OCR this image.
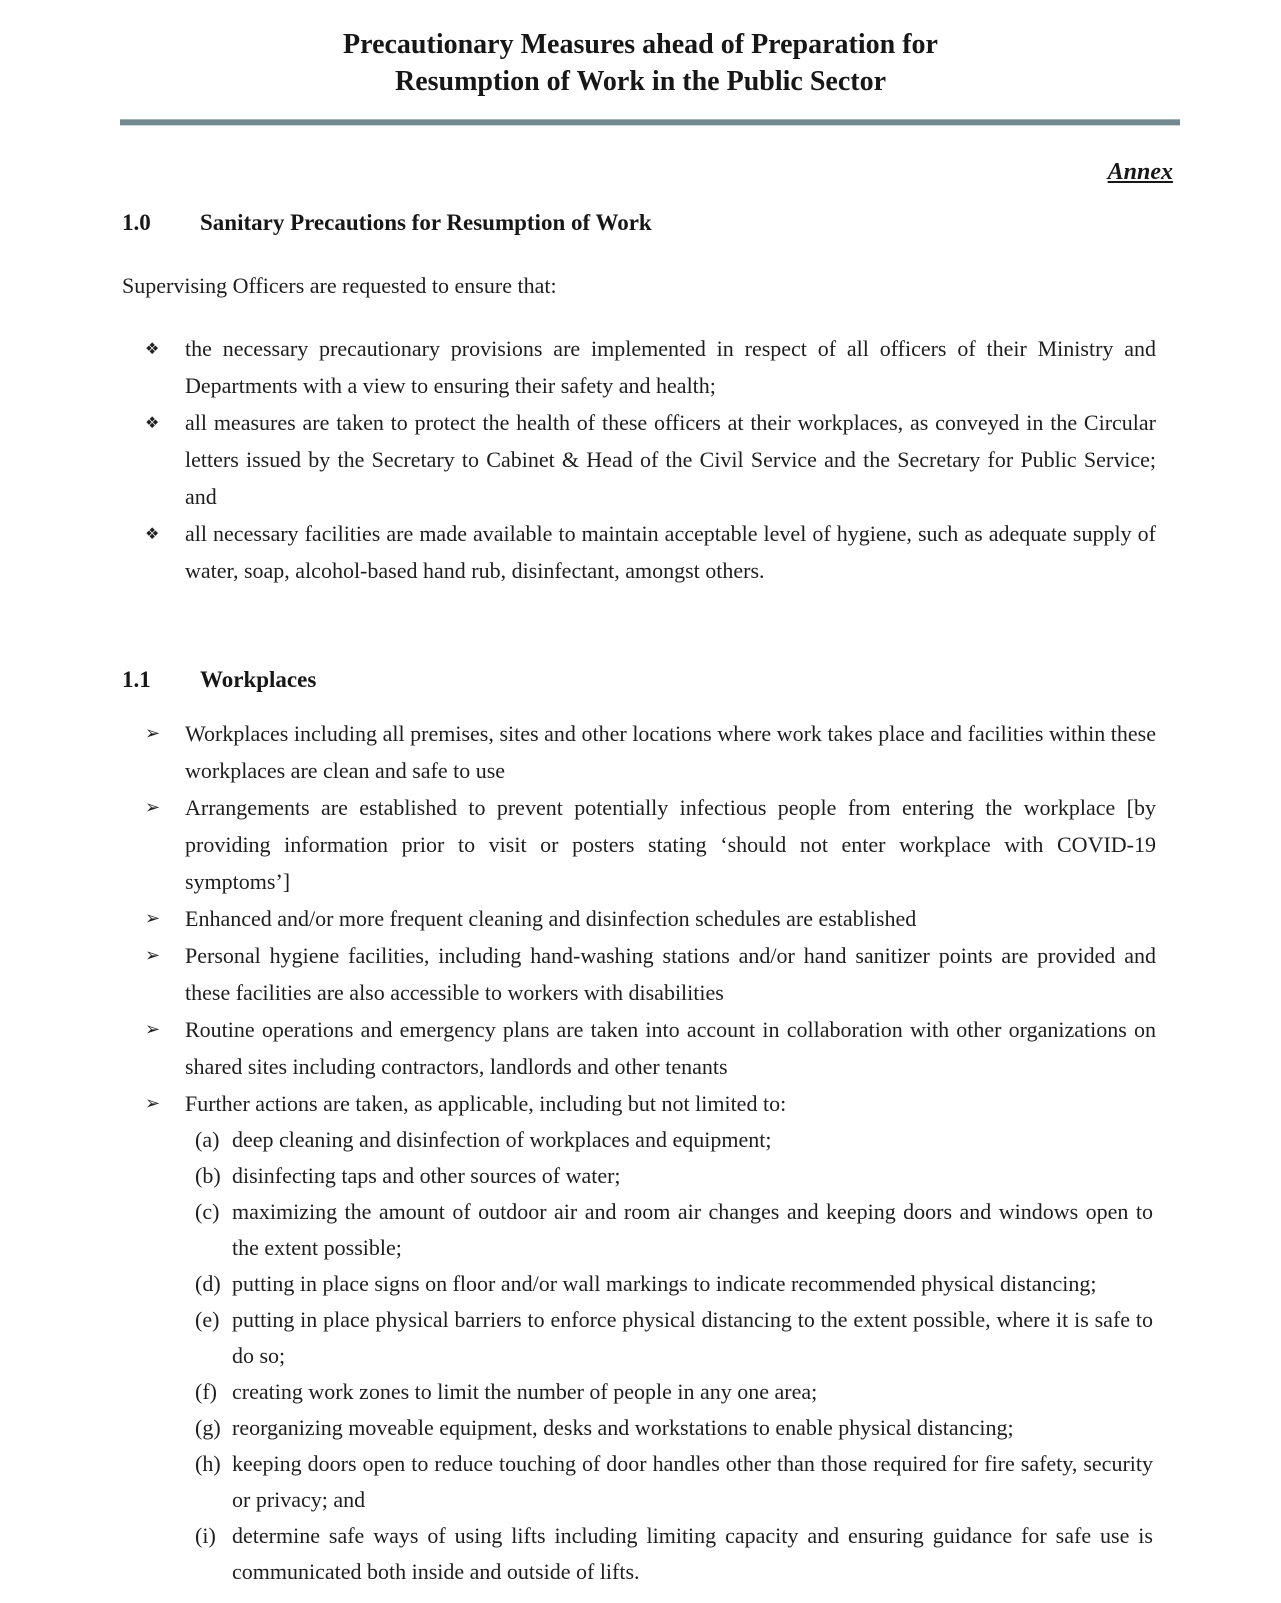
Precautionary Measures ahead of Preparation for
Resumption of Work in the Public Sector
Annex
1.0	Sanitary Precautions for Resumption of Work
Supervising Officers are requested to ensure that:
❖	the necessary precautionary provisions are implemented in respect of all officers of their Ministry and Departments with a view to ensuring their safety and health;
❖	all measures are taken to protect the health of these officers at their workplaces, as conveyed in the Circular letters issued by the Secretary to Cabinet & Head of the Civil Service and the Secretary for Public Service; and
❖	all necessary facilities are made available to maintain acceptable level of hygiene, such as adequate supply of water, soap, alcohol-based hand rub, disinfectant, amongst others.
1.1	Workplaces
➢	Workplaces including all premises, sites and other locations where work takes place and facilities within these workplaces are clean and safe to use
➢	Arrangements are established to prevent potentially infectious people from entering the workplace [by providing information prior to visit or posters stating ‘should not enter workplace with COVID-19 symptoms’]
➢	Enhanced and/or more frequent cleaning and disinfection schedules are established
➢	Personal hygiene facilities, including hand-washing stations and/or hand sanitizer points are provided and these facilities are also accessible to workers with disabilities
➢	Routine operations and emergency plans are taken into account in collaboration with other organizations on shared sites including contractors, landlords and other tenants
➢	Further actions are taken, as applicable, including but not limited to:
(a) deep cleaning and disinfection of workplaces and equipment;
(b) disinfecting taps and other sources of water;
(c) maximizing the amount of outdoor air and room air changes and keeping doors and windows open to the extent possible;
(d) putting in place signs on floor and/or wall markings to indicate recommended physical distancing;
(e) putting in place physical barriers to enforce physical distancing to the extent possible, where it is safe to do so;
(f) creating work zones to limit the number of people in any one area;
(g) reorganizing moveable equipment, desks and workstations to enable physical distancing;
(h) keeping doors open to reduce touching of door handles other than those required for fire safety, security or privacy; and
(i) determine safe ways of using lifts including limiting capacity and ensuring guidance for safe use is communicated both inside and outside of lifts.
